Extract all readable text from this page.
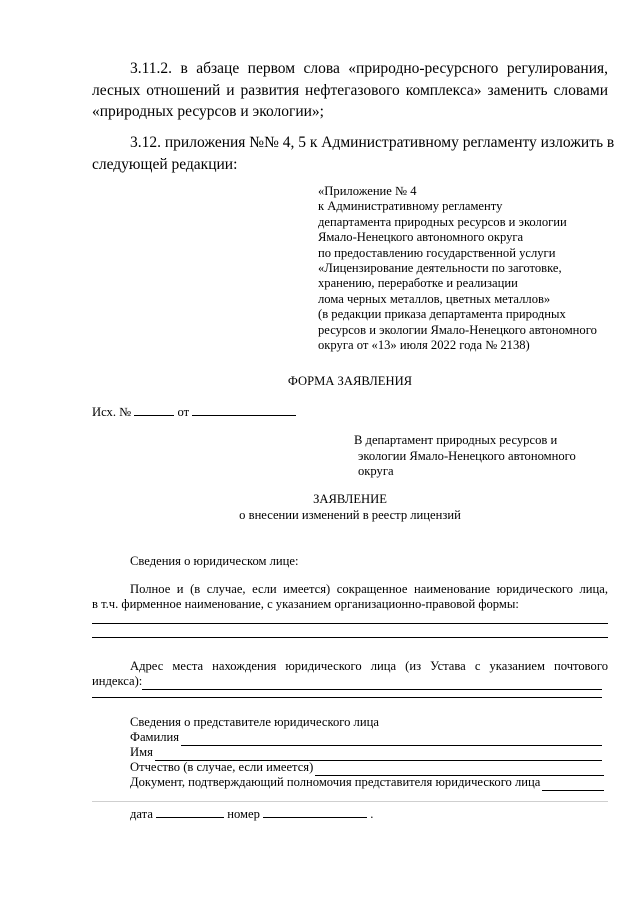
3.11.2. в абзаце первом слова «природно-ресурсного регулирования,
лесных отношений и развития нефтегазового комплекса» заменить словами
«природных ресурсов и экологии»;
3.12. приложения №№ 4, 5 к Административному регламенту изложить в
следующей редакции:
«Приложение № 4
к Административному регламенту
департамента природных ресурсов и экологии
Ямало-Ненецкого автономного округа
по предоставлению государственной услуги
«Лицензирование деятельности по заготовке,
хранению, переработке и реализации
лома черных металлов, цветных металлов»
(в редакции приказа департамента природных
ресурсов и экологии Ямало-Ненецкого автономного
округа от «13» июля 2022 года № 2138)
ФОРМА ЗАЯВЛЕНИЯ
Исх. №	от
В департамент природных ресурсов и
экологии Ямало-Ненецкого автономного
округа
ЗАЯВЛЕНИЕ
о внесении изменений в реестр лицензий
Сведения о юридическом лице:
Полное и (в случае, если имеется) сокращенное наименование юридического лица,
в т.ч. фирменное наименование, с указанием организационно-правовой формы:
Адрес места нахождения юридического лица (из Устава с указанием почтового
индекса):
Сведения о представителе юридического лица
Фамилия
Имя
Отчество (в случае, если имеется)
Документ, подтверждающий полномочия представителя юридического лица
дата	номер	.
